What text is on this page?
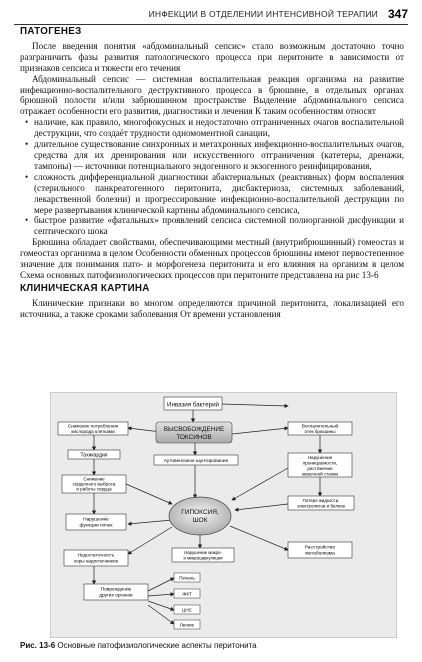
ИНФЕКЦИИ В ОТДЕЛЕНИИ ИНТЕНСИВНОЙ ТЕРАПИИ 347
ПАТОГЕНЕЗ

После введения понятия «абдоминальный сепсис» стало возможным достаточно точно разграничить фазы развития патологического процесса при перитоните в зависимости от признаков сепсиса и тяжести его течения

Абдоминальный сепсис — системная воспалительная реакция организма на развитие инфекционно-воспалительного деструктивного процесса в брюшине, в отдельных органах брюшной полости и/или забрюшинном пространстве Выделение абдоминального сепсиса отражает особенности его развития, диагностики и лечения К таким особенностям относят

• наличие, как правило, многофокусных и недостаточно отграниченных очагов воспалительной деструкции, что создаёт трудности одномоментной санации,
• длительное существование синхронных и метахронных инфекционно-воспалительных очагов, средства для их дренирования или искусственного отграничения (катетеры, дренажи, тампоны) — источники потенциального эндогенного и экзогенного реинфицирования,
• сложность дифференциальной диагностики абактериальных (реактивных) форм воспаления (стерильного панкреатогенного перитонита, дисбактериоза, системных заболеваний, лекарственной болезни) и прогрессирование инфекционно-воспалительной деструкции по мере развертывания клинической картины абдоминального сепсиса,
• быстрое развитие «фатальных» проявлений сепсиса системной полиорганной дисфункции и септического шока

Брюшина обладает свойствами, обеспечивающими местный (внутрибрюшинный) гомеостаз и гомеостаз организма в целом Особенности обменных процессов брюшины имеют первостепенное значение для понимания пато- и морфогенеза перитонита и его влияния на организм в целом Схема основных патофизиологических процессов при перитоните представлена на рис 13-6

КЛИНИЧЕСКАЯ КАРТИНА

Клинические признаки во многом определяются причиной перитонита, локализацией его источника, а также сроками заболевания От времени установления

Инвазия бактерий
ВЫСВОБОЖДЕНИЕ
ТОКСИНОВ
Снижение потребления
кислорода клетками
Воспалительный
отек брюшины
Тахикардия
Аутовенозное шунтирование
Нарушение
проницаемости,
растяжение
кишечной стенки
Снижение
сердечного выброса
и работы сердца
Потеря жидкости,
электролитов и белков
ГИПОКСИЯ,
ШОК
Нарушение
функции почек
Нарушение макро-
и микроциркуляции
Расстройство
метаболизма
Недостаточность
коры надпочечников
Повреждение
других органов
Печень
ЖКТ
ЦНС
Легкие
Рис. 13-6 Основные патофизиологические аспекты перитонита
